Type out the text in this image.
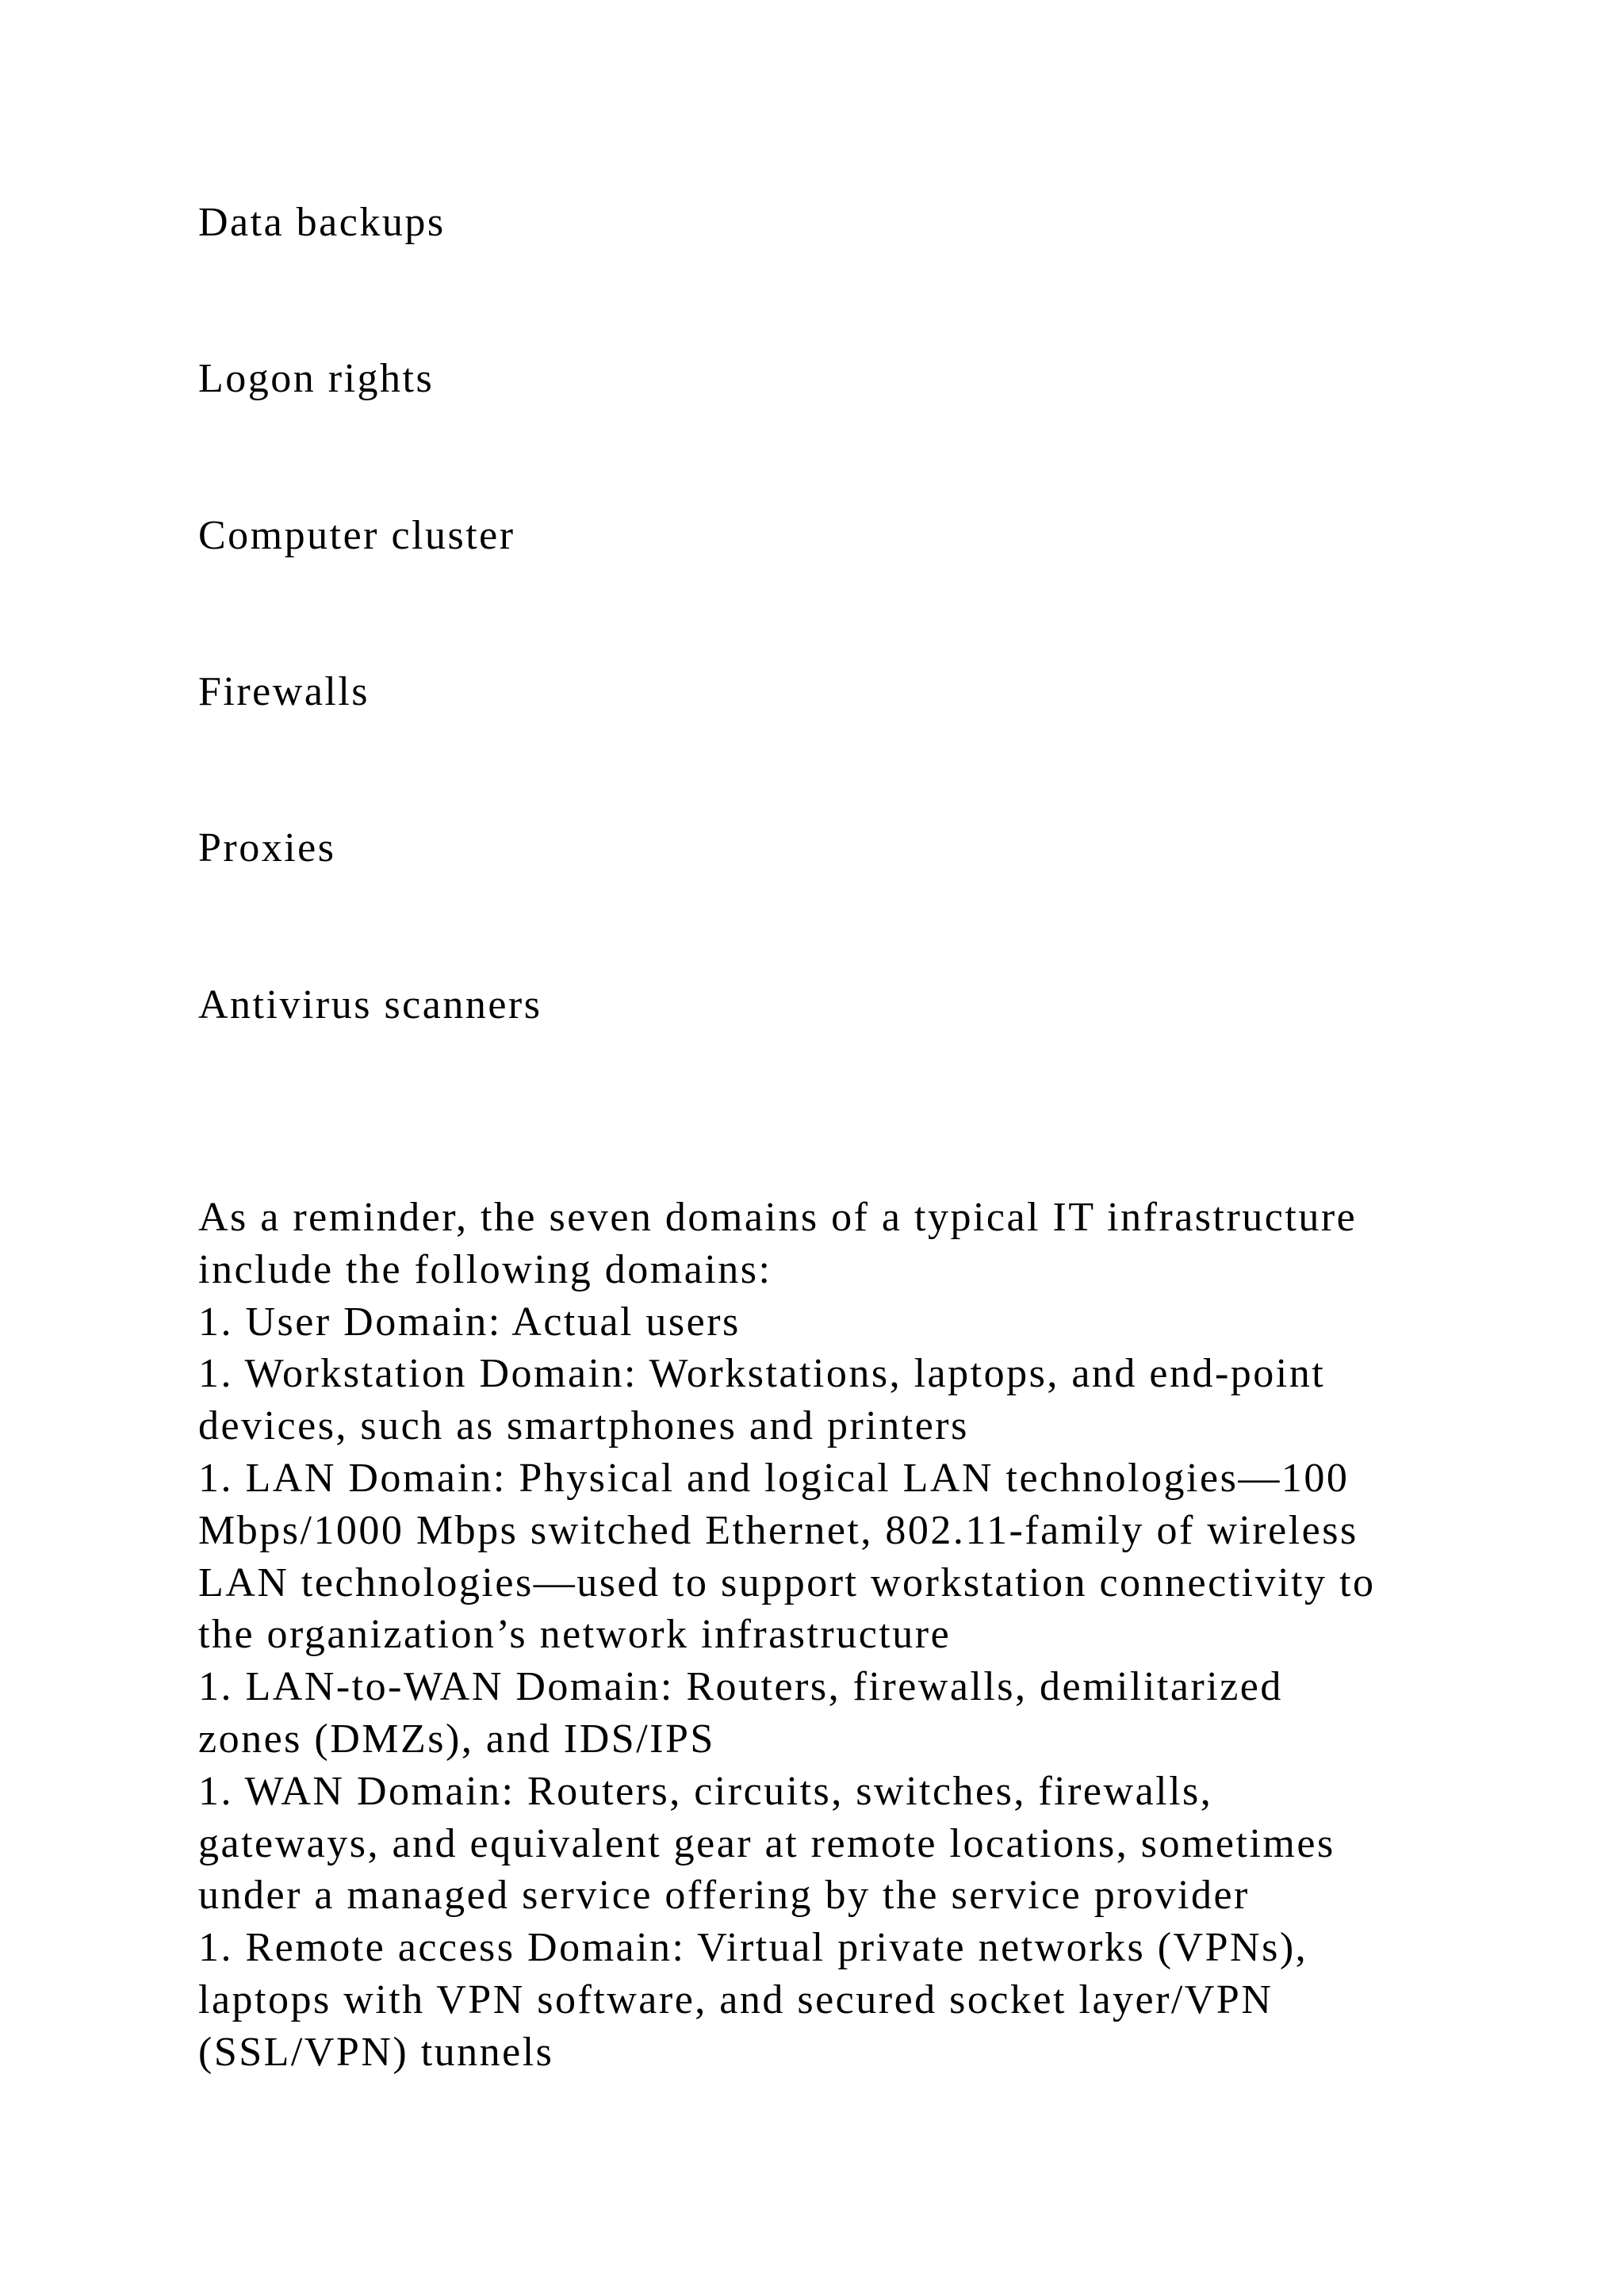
Data backups

Logon rights

Computer cluster

Firewalls

Proxies

Antivirus scanners

As a reminder, the seven domains of a typical IT infrastructure
include the following domains:
1. User Domain: Actual users
1. Workstation Domain: Workstations, laptops, and end-point
devices, such as smartphones and printers
1. LAN Domain: Physical and logical LAN technologies—100
Mbps/1000 Mbps switched Ethernet, 802.11-family of wireless
LAN technologies—used to support workstation connectivity to
the organization’s network infrastructure
1. LAN-to-WAN Domain: Routers, firewalls, demilitarized
zones (DMZs), and IDS/IPS
1. WAN Domain: Routers, circuits, switches, firewalls,
gateways, and equivalent gear at remote locations, sometimes
under a managed service offering by the service provider
1. Remote access Domain: Virtual private networks (VPNs),
laptops with VPN software, and secured socket layer/VPN
(SSL/VPN) tunnels
